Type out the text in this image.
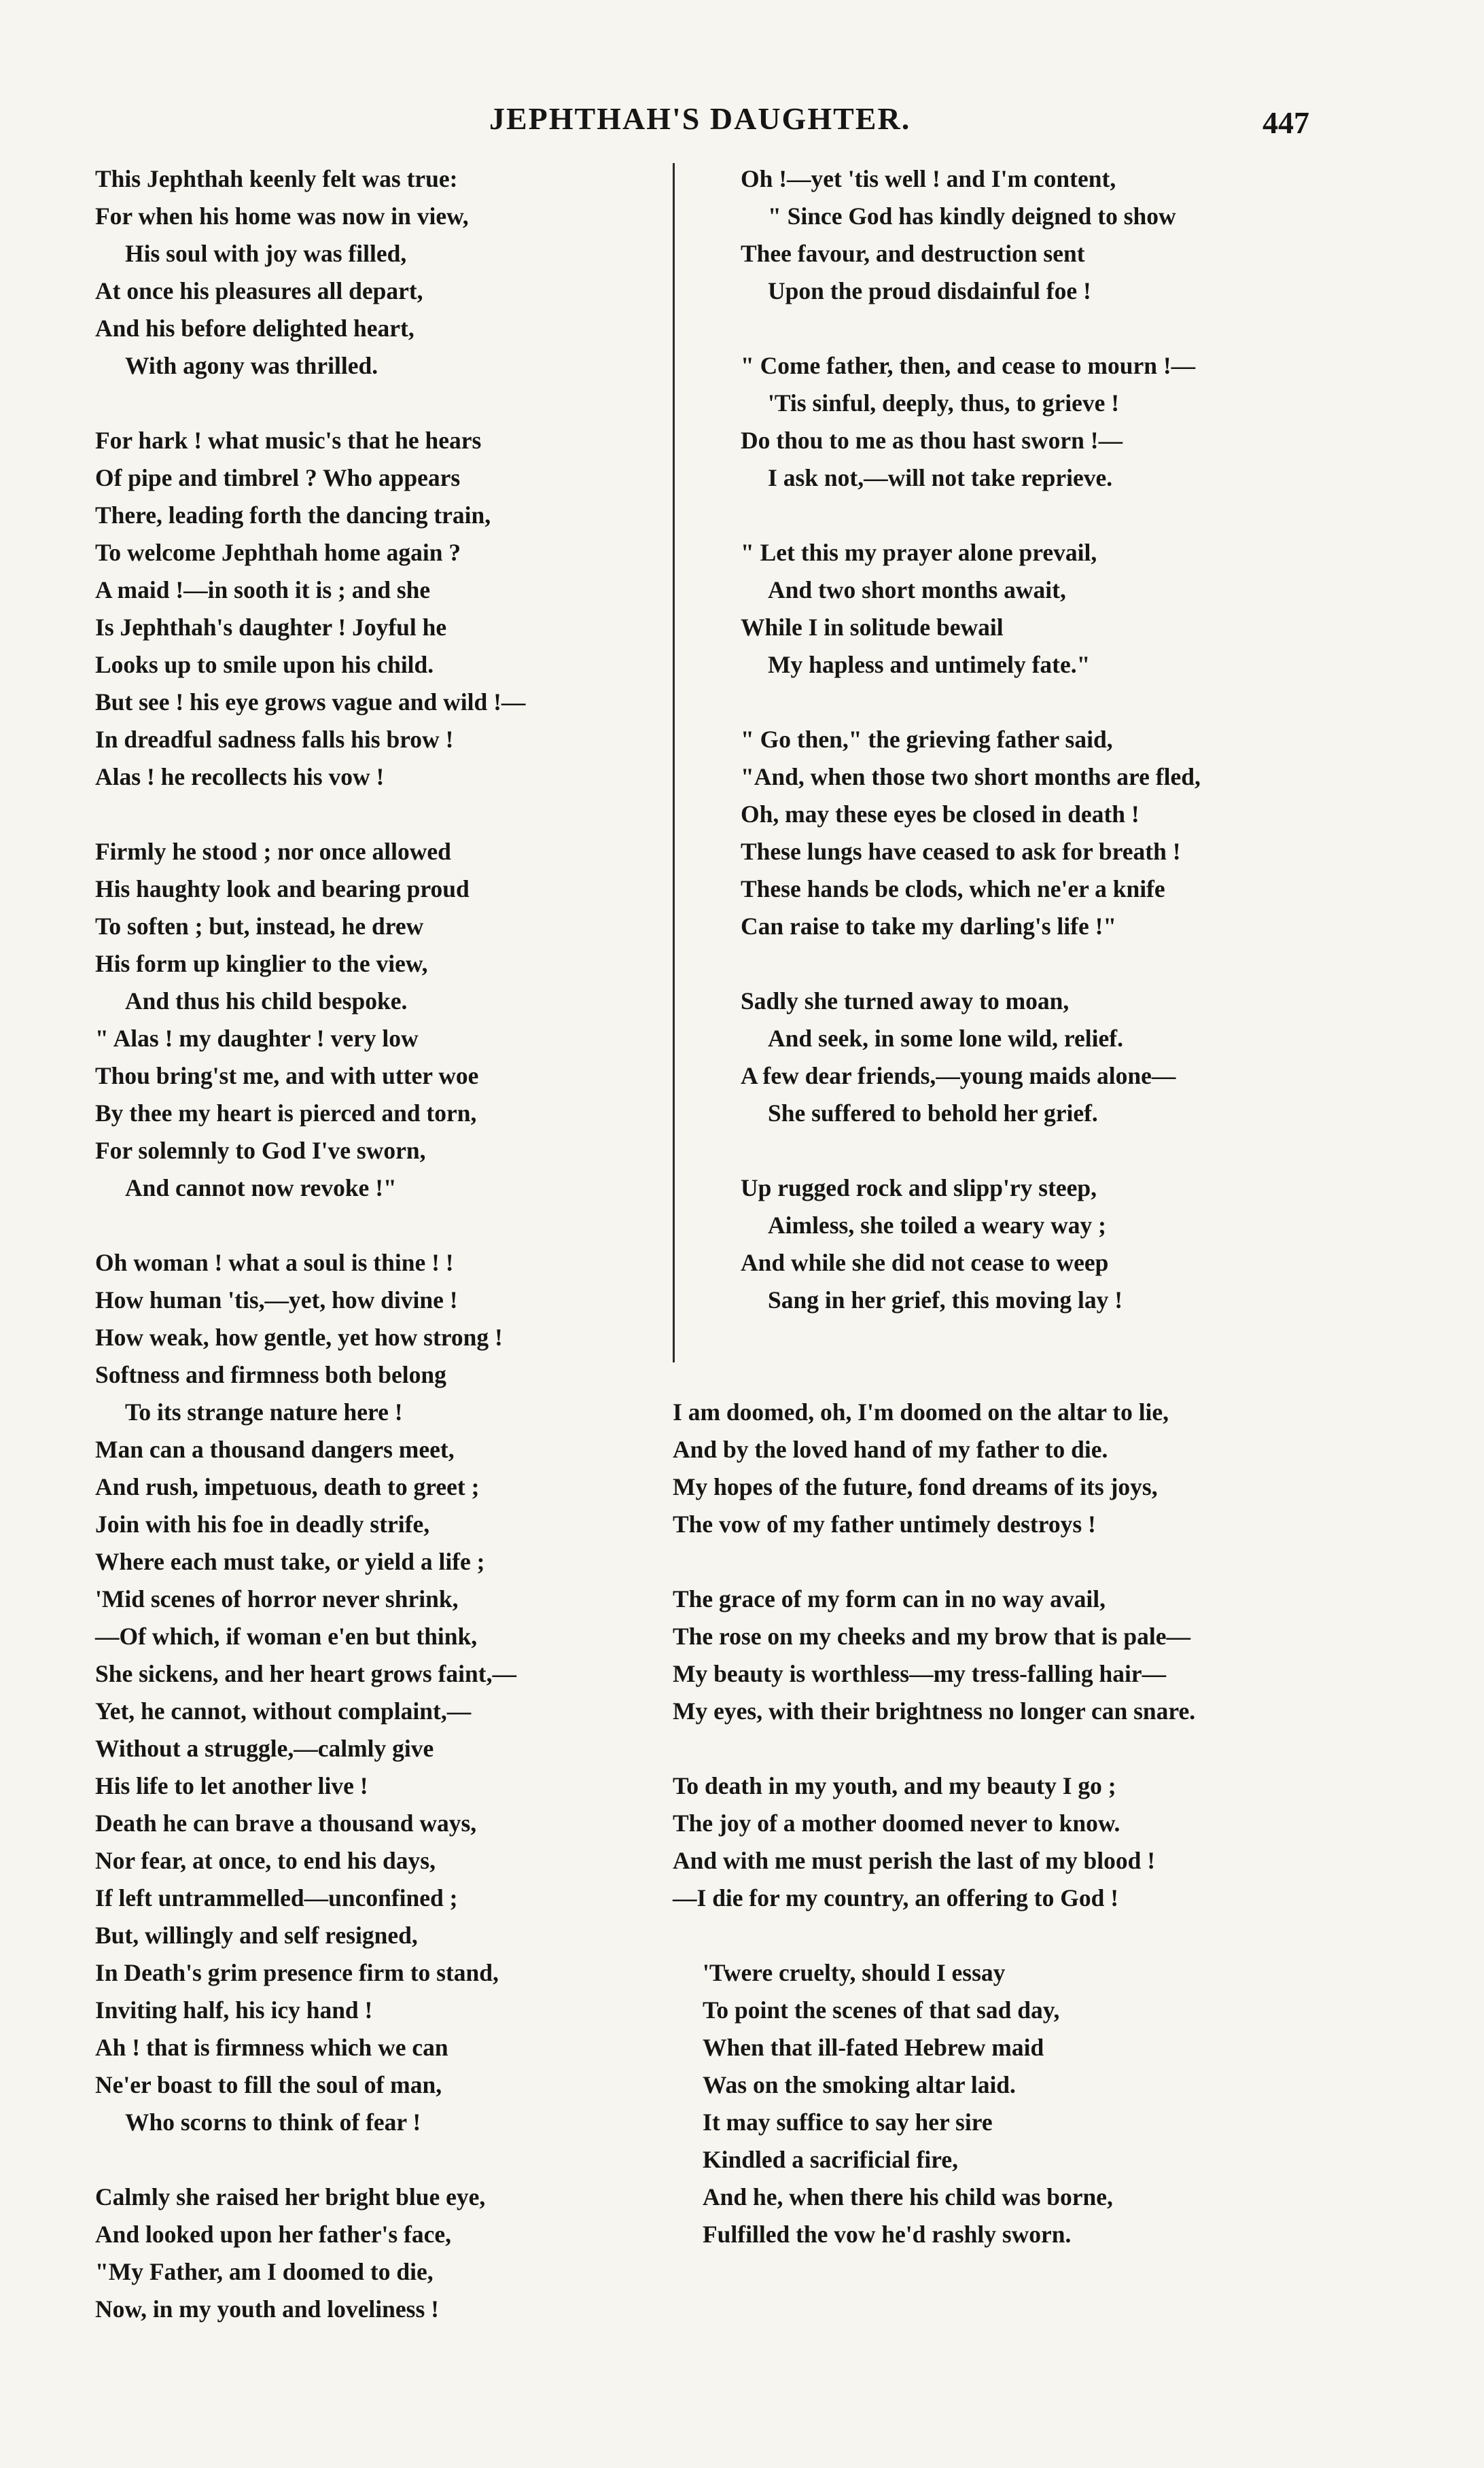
JEPHTHAH'S DAUGHTER.	447
This Jephthah keenly felt was true:
For when his home was now in view,
His soul with joy was filled,
At once his pleasures all depart,
And his before delighted heart,
With agony was thrilled.
For hark ! what music's that he hears
Of pipe and timbrel ? Who appears
There, leading forth the dancing train,
To welcome Jephthah home again ?
A maid !—in sooth it is ; and she
Is Jephthah's daughter ! Joyful he
Looks up to smile upon his child.
But see ! his eye grows vague and wild !—
In dreadful sadness falls his brow !
Alas ! he recollects his vow !
Firmly he stood ; nor once allowed
His haughty look and bearing proud
To soften ; but, instead, he drew
His form up kinglier to the view,
And thus his child bespoke.
" Alas ! my daughter ! very low
Thou bring'st me, and with utter woe
By thee my heart is pierced and torn,
For solemnly to God I've sworn,
And cannot now revoke !"
Oh woman ! what a soul is thine ! !
How human 'tis,—yet, how divine !
How weak, how gentle, yet how strong !
Softness and firmness both belong
To its strange nature here !
Man can a thousand dangers meet,
And rush, impetuous, death to greet ;
Join with his foe in deadly strife,
Where each must take, or yield a life ;
'Mid scenes of horror never shrink,
—Of which, if woman e'en but think,
She sickens, and her heart grows faint,—
Yet, he cannot, without complaint,—
Without a struggle,—calmly give
His life to let another live !
Death he can brave a thousand ways,
Nor fear, at once, to end his days,
If left untrammelled—unconfined ;
But, willingly and self resigned,
In Death's grim presence firm to stand,
Inviting half, his icy hand !
Ah ! that is firmness which we can
Ne'er boast to fill the soul of man,
Who scorns to think of fear !
Calmly she raised her bright blue eye,
And looked upon her father's face,
"My Father, am I doomed to die,
Now, in my youth and loveliness !
Oh !—yet 'tis well ! and I'm content,
" Since God has kindly deigned to show
Thee favour, and destruction sent
Upon the proud disdainful foe !
" Come father, then, and cease to mourn !—
'Tis sinful, deeply, thus, to grieve !
Do thou to me as thou hast sworn !—
I ask not,—will not take reprieve.
" Let this my prayer alone prevail,
And two short months await,
While I in solitude bewail
My hapless and untimely fate."
" Go then," the grieving father said,
"And, when those two short months are fled,
Oh, may these eyes be closed in death !
These lungs have ceased to ask for breath !
These hands be clods, which ne'er a knife
Can raise to take my darling's life !"
Sadly she turned away to moan,
And seek, in some lone wild, relief.
A few dear friends,—young maids alone—
She suffered to behold her grief.
Up rugged rock and slipp'ry steep,
Aimless, she toiled a weary way ;
And while she did not cease to weep
Sang in her grief, this moving lay !
I am doomed, oh, I'm doomed on the altar to lie,
And by the loved hand of my father to die.
My hopes of the future, fond dreams of its joys,
The vow of my father untimely destroys !
The grace of my form can in no way avail,
The rose on my cheeks and my brow that is pale—
My beauty is worthless—my tress-falling hair—
My eyes, with their brightness no longer can snare.
To death in my youth, and my beauty I go ;
The joy of a mother doomed never to know.
And with me must perish the last of my blood !
—I die for my country, an offering to God !
'Twere cruelty, should I essay
To point the scenes of that sad day,
When that ill-fated Hebrew maid
Was on the smoking altar laid.
It may suffice to say her sire
Kindled a sacrificial fire,
And he, when there his child was borne,
Fulfilled the vow he'd rashly sworn.
